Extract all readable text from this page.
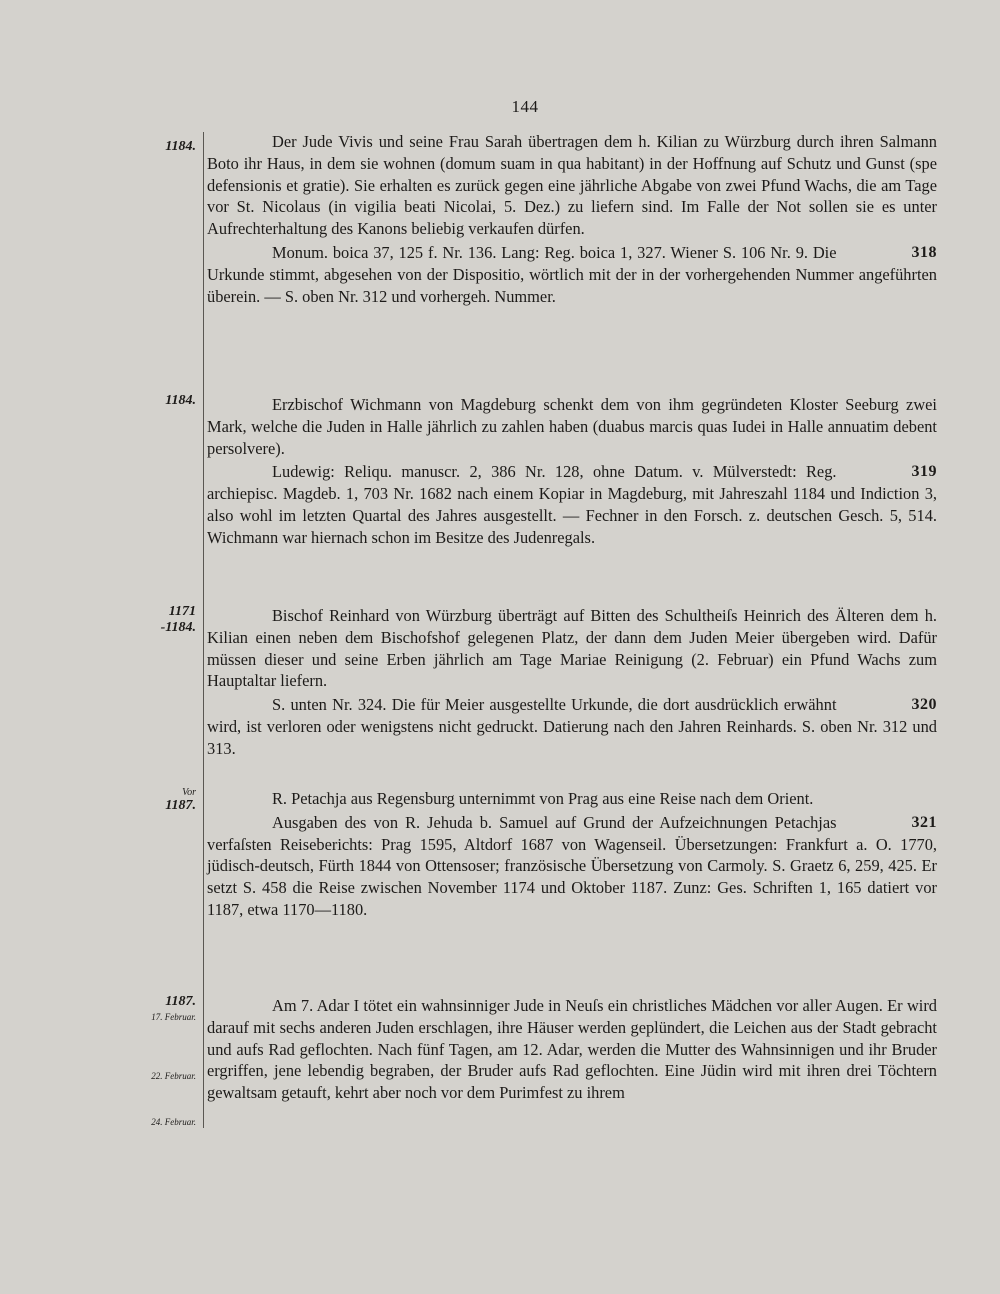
144
1184.	Der Jude Vivis und seine Frau Sarah übertragen dem h. Kilian zu Würzburg durch ihren Salmann Boto ihr Haus, in dem sie wohnen (domum suam in qua habitant) in der Hoffnung auf Schutz und Gunst (spe defensionis et gratie). Sie erhalten es zurück gegen eine jährliche Abgabe von zwei Pfund Wachs, die am Tage vor St. Nicolaus (in vigilia beati Nicolai, 5. Dez.) zu liefern sind. Im Falle der Not sollen sie es unter Aufrechterhaltung des Kanons beliebig verkaufen dürfen.

318
Monum. boica 37, 125 f. Nr. 136. Lang: Reg. boica 1, 327. Wiener S. 106 Nr. 9. Die Urkunde stimmt, abgesehen von der Dispositio, wörtlich mit der in der vorhergehenden Nummer angeführten überein. — S. oben Nr. 312 und vorhergeh. Nummer.

1184.	Erzbischof Wichmann von Magdeburg schenkt dem von ihm gegründeten Kloster Seeburg zwei Mark, welche die Juden in Halle jährlich zu zahlen haben (duabus marcis quas Iudei in Halle annuatim debent persolvere).

319
Ludewig: Reliqu. manuscr. 2, 386 Nr. 128, ohne Datum. v. Mülverstedt: Reg. archiepisc. Magdeb. 1, 703 Nr. 1682 nach einem Kopiar in Magdeburg, mit Jahreszahl 1184 und Indiction 3, also wohl im letzten Quartal des Jahres ausgestellt. — Fechner in den Forsch. z. deutschen Gesch. 5, 514. Wichmann war hiernach schon im Besitze des Judenregals.

1171
-1184.

Bischof Reinhard von Würzburg überträgt auf Bitten des Schultheiſs Heinrich des Älteren dem h. Kilian einen neben dem Bischofshof gelegenen Platz, der dann dem Juden Meier übergeben wird. Dafür müssen dieser und seine Erben jährlich am Tage Mariae Reinigung (2. Februar) ein Pfund Wachs zum Hauptaltar liefern.

320
S. unten Nr. 324. Die für Meier ausgestellte Urkunde, die dort ausdrücklich erwähnt wird, ist verloren oder wenigstens nicht gedruckt. Datierung nach den Jahren Reinhards. S. oben Nr. 312 und 313.

Vor
1187.	R. Petachja aus Regensburg unternimmt von Prag aus eine Reise nach dem Orient.

321
Ausgaben des von R. Jehuda b. Samuel auf Grund der Aufzeichnungen Petachjas verfaſsten Reiseberichts: Prag 1595, Altdorf 1687 von Wagenseil. Übersetzungen: Frankfurt a. O. 1770, jüdisch-deutsch, Fürth 1844 von Ottensoser; französische Übersetzung von Carmoly. S. Graetz 6, 259, 425. Er setzt S. 458 die Reise zwischen November 1174 und Oktober 1187. Zunz: Ges. Schriften 1, 165 datiert vor 1187, etwa 1170—1180.

1187.
17. Februar.
22. Februar.
24. Februar.

Am 7. Adar I tötet ein wahnsinniger Jude in Neuſs ein christliches Mädchen vor aller Augen. Er wird darauf mit sechs anderen Juden erschlagen, ihre Häuser werden geplündert, die Leichen aus der Stadt gebracht und aufs Rad geflochten. Nach fünf Tagen, am 12. Adar, werden die Mutter des Wahnsinnigen und ihr Bruder ergriffen, jene lebendig begraben, der Bruder aufs Rad geflochten. Eine Jüdin wird mit ihren drei Töchtern gewaltsam getauft, kehrt aber noch vor dem Purimfest zu ihrem
